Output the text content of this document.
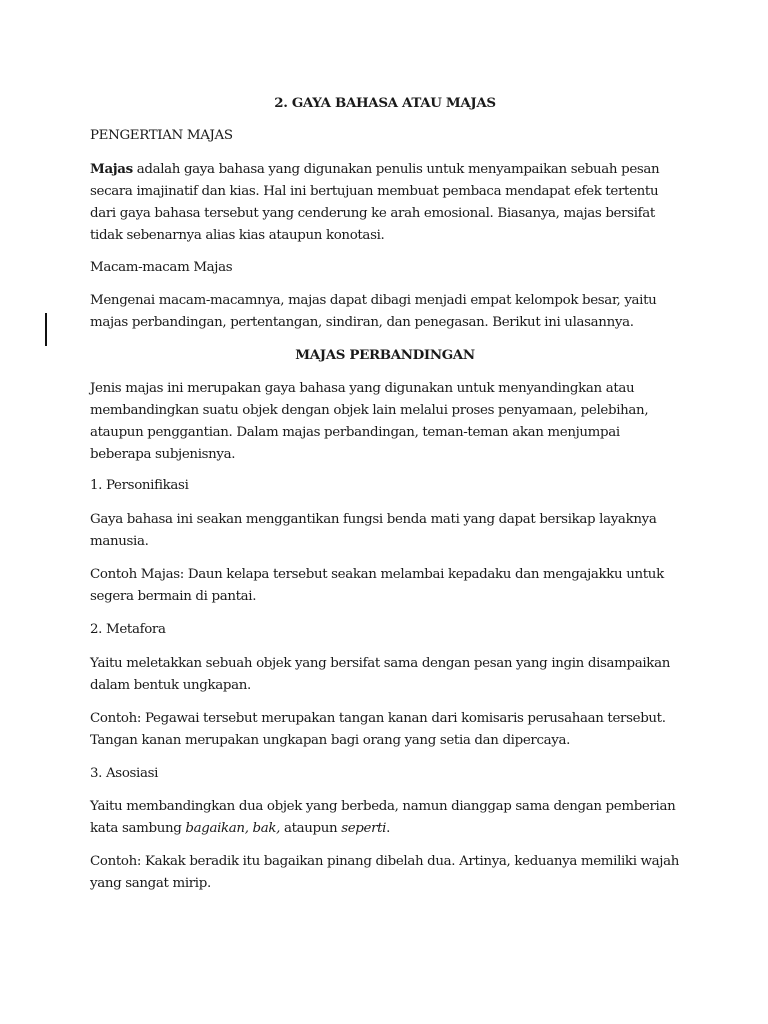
2. GAYA BAHASA ATAU MAJAS

PENGERTIAN MAJAS

Majas adalah gaya bahasa yang digunakan penulis untuk menyampaikan sebuah pesan secara imajinatif dan kias. Hal ini bertujuan membuat pembaca mendapat efek tertentu dari gaya bahasa tersebut yang cenderung ke arah emosional. Biasanya, majas bersifat tidak sebenarnya alias kias ataupun konotasi.

Macam-macam Majas

Mengenai macam-macamnya, majas dapat dibagi menjadi empat kelompok besar, yaitu majas perbandingan, pertentangan, sindiran, dan penegasan. Berikut ini ulasannya.

MAJAS PERBANDINGAN

Jenis majas ini merupakan gaya bahasa yang digunakan untuk menyandingkan atau membandingkan suatu objek dengan objek lain melalui proses penyamaan, pelebihan, ataupun penggantian. Dalam majas perbandingan, teman-teman akan menjumpai beberapa subjenisnya.

1. Personifikasi

Gaya bahasa ini seakan menggantikan fungsi benda mati yang dapat bersikap layaknya manusia.

Contoh Majas: Daun kelapa tersebut seakan melambai kepadaku dan mengajakku untuk segera bermain di pantai.

2. Metafora

Yaitu meletakkan sebuah objek yang bersifat sama dengan pesan yang ingin disampaikan dalam bentuk ungkapan.

Contoh: Pegawai tersebut merupakan tangan kanan dari komisaris perusahaan tersebut. Tangan kanan merupakan ungkapan bagi orang yang setia dan dipercaya.

3. Asosiasi

Yaitu membandingkan dua objek yang berbeda, namun dianggap sama dengan pemberian kata sambung bagaikan, bak, ataupun seperti.

Contoh: Kakak beradik itu bagaikan pinang dibelah dua. Artinya, keduanya memiliki wajah yang sangat mirip.
